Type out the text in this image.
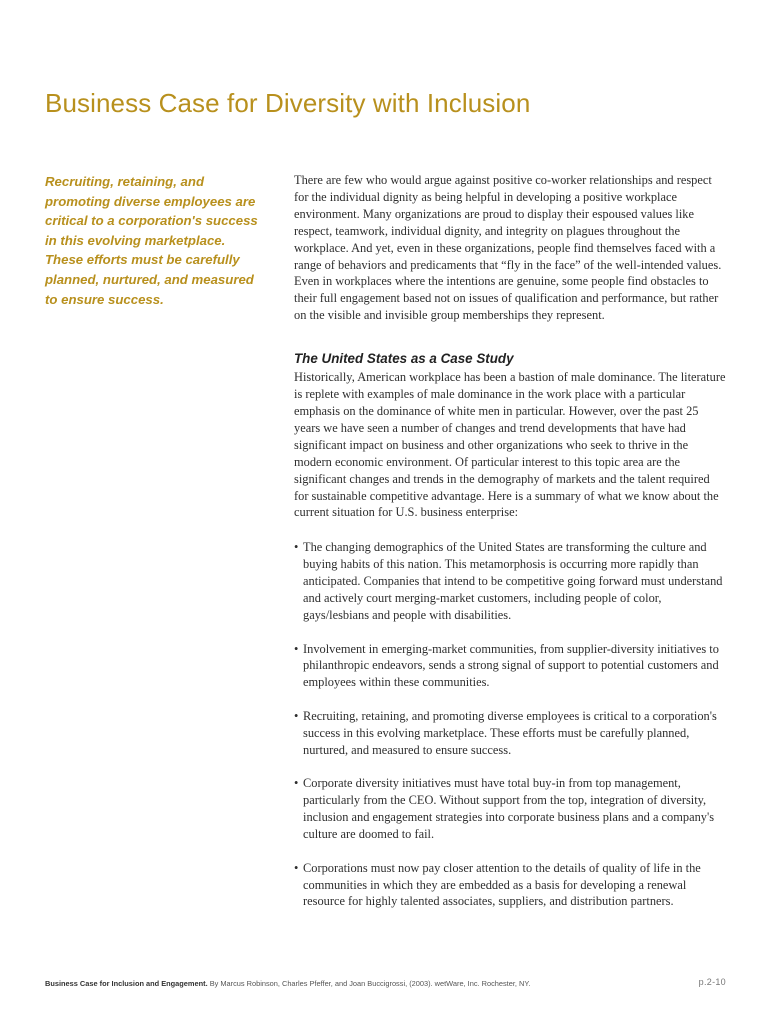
Business Case for Diversity with Inclusion

Recruiting, retaining, and promoting diverse employees are critical to a corporation's success in this evolving marketplace. These efforts must be carefully planned, nurtured, and measured to ensure success.

There are few who would argue against positive co-worker relationships and respect for the individual dignity as being helpful in developing a positive workplace environment. Many organizations are proud to display their espoused values like respect, teamwork, individual dignity, and integrity on plagues throughout the workplace. And yet, even in these organizations, people find themselves faced with a range of behaviors and predicaments that “fly in the face” of the well-intended values. Even in workplaces where the intentions are genuine, some people find obstacles to their full engagement based not on issues of qualification and performance, but rather on the visible and invisible group memberships they represent.

The United States as a Case Study

Historically, American workplace has been a bastion of male dominance. The literature is replete with examples of male dominance in the work place with a particular emphasis on the dominance of white men in particular. However, over the past 25 years we have seen a number of changes and trend developments that have had significant impact on business and other organizations who seek to thrive in the modern economic environment. Of particular interest to this topic area are the significant changes and trends in the demography of markets and the talent required for sustainable competitive advantage. Here is a summary of what we know about the current situation for U.S. business enterprise:

• The changing demographics of the United States are transforming the culture and buying habits of this nation. This metamorphosis is occurring more rapidly than anticipated. Companies that intend to be competitive going forward must understand and actively court merging-market customers, including people of color, gays/lesbians and people with disabilities.
• Involvement in emerging-market communities, from supplier-diversity initiatives to philanthropic endeavors, sends a strong signal of support to potential customers and employees within these communities.
• Recruiting, retaining, and promoting diverse employees is critical to a corporation's success in this evolving marketplace. These efforts must be carefully planned, nurtured, and measured to ensure success.
• Corporate diversity initiatives must have total buy-in from top management, particularly from the CEO. Without support from the top, integration of diversity, inclusion and engagement strategies into corporate business plans and a company's culture are doomed to fail.
• Corporations must now pay closer attention to the details of quality of life in the communities in which they are embedded as a basis for developing a renewal resource for highly talented associates, suppliers, and distribution partners.
Business Case for Inclusion and Engagement. By Marcus Robinson, Charles Pfeffer, and Joan Buccigrossi, (2003). wetWare, Inc. Rochester, NY.	p.2-10
